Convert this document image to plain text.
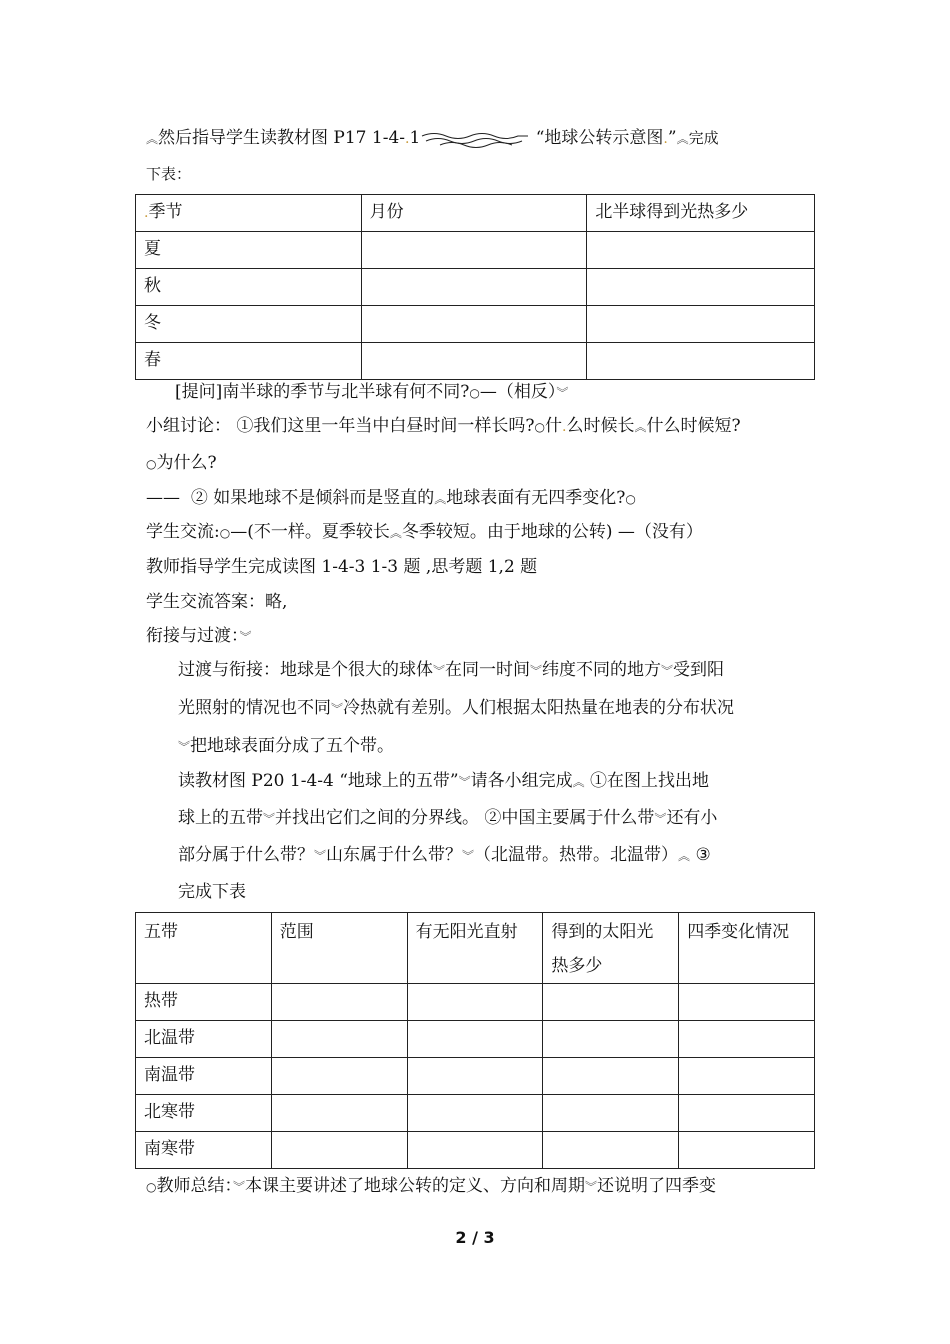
︽然后指导学生读教材图 P17 1-4-.1	“地球公转示意图.”︽完成
下表：
.季节	月份	北半球得到光热多少
夏		
秋		
冬		
春		
[提问]南半球的季节与北半球有何不同?○—（相反）︾
小组讨论： ①我们这里一年当中白昼时间一样长吗?○什.么时候长︽什么时候短?
○为什么?
—— ② 如果地球不是倾斜而是竖直的︽地球表面有无四季变化?○
学生交流:○—(不一样。夏季较长︽冬季较短。由于地球的公转) —（没有）
教师指导学生完成读图 1-4-3 1-3 题 ,思考题 1,2 题
学生交流答案：略,
衔接与过渡：︾
过渡与衔接：地球是个很大的球体︾在同一时间︾纬度不同的地方︾受到阳
光照射的情况也不同︾冷热就有差别。人们根据太阳热量在地表的分布状况
︾把地球表面分成了五个带。
读教材图 P20 1-4-4 “地球上的五带”︾请各小组完成︽ ①在图上找出地
球上的五带︾并找出它们之间的分界线。 ②中国主要属于什么带︾还有小
部分属于什么带？︾山东属于什么带？︾（北温带。热带。北温带）︽ ③
完成下表
五带	范围	有无阳光直射	得到的太阳光热多少	四季变化情况
热带				
北温带				
南温带				
北寒带				
南寒带				
○教师总结：︾本课主要讲述了地球公转的定义、方向和周期︾还说明了四季变
2 / 3
